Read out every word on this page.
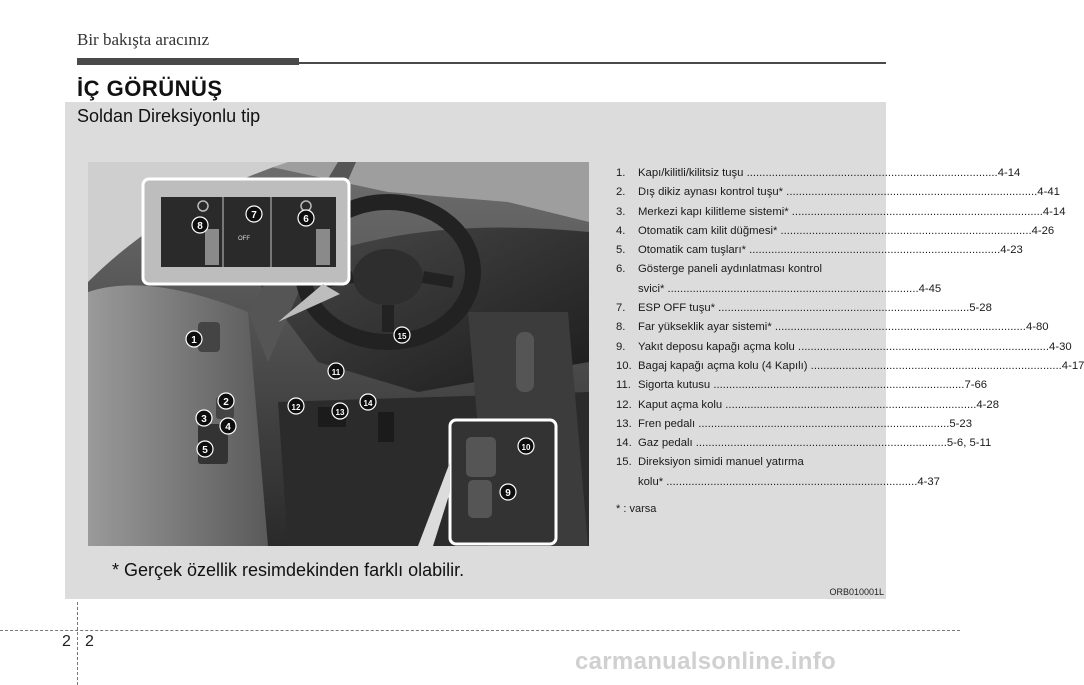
Bir bakışta aracınız
İÇ GÖRÜNÜŞ
Soldan Direksiyonlu tip
OFF
1
2
3
4
5
6
7
8
9
10
11
12
13
14
15
1.	Kapı/kilitli/kilitsiz tuşu ................................................................................ 4-14
2.	Dış dikiz aynası kontrol tuşu* ................................................................................ 4-41
3.	Merkezi kapı kilitleme sistemi* ................................................................................ 4-14
4.	Otomatik cam kilit düğmesi* ................................................................................ 4-26
5.	Otomatik cam tuşları* ................................................................................ 4-23
6.	Gösterge paneli aydınlatması kontrol
svici* ................................................................................ 4-45
7.	ESP OFF tuşu* ................................................................................ 5-28
8.	Far yükseklik ayar sistemi* ................................................................................ 4-80
9.	Yakıt deposu kapağı açma kolu ................................................................................ 4-30
10. Bagaj kapağı açma kolu (4 Kapılı) ................................................................................ 4-17
11. Sigorta kutusu ................................................................................ 7-66
12. Kaput açma kolu ................................................................................ 4-28
13. Fren pedalı ................................................................................ 5-23
14. Gaz pedalı ................................................................................ 5-6, 5-11
15. Direksiyon simidi manuel yatırma
kolu* ................................................................................ 4-37
* : varsa
* Gerçek özellik resimdekinden farklı olabilir.
ORB010001L
2 2
carmanualsonline.info
